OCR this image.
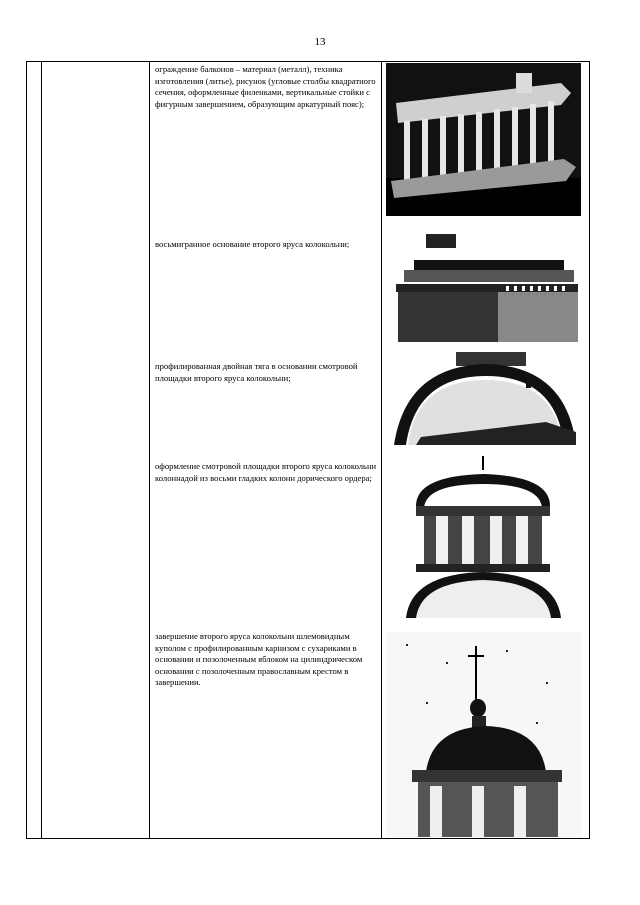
13
ограждение балконов – материал (металл), техника изготовления (литье), рисунок (угловые столбы квадратного сечения, оформленные филенками, вертикальные стойки с фигурным завершением, образующим аркатурный пояс);
восьмигранное основание второго яруса колокольни;
профилированная двойная тяга в основании смотровой площадки второго яруса колокольни;
оформление смотровой площадки второго яруса колокольни колоннадой из восьми гладких колонн дорического ордера;
завершение второго яруса колокольни шлемовидным куполом с профилированным карнизом с сухариками в основании и позолоченным яблоком на цилиндрическом основании с позолоченным православным крестом в завершении.
